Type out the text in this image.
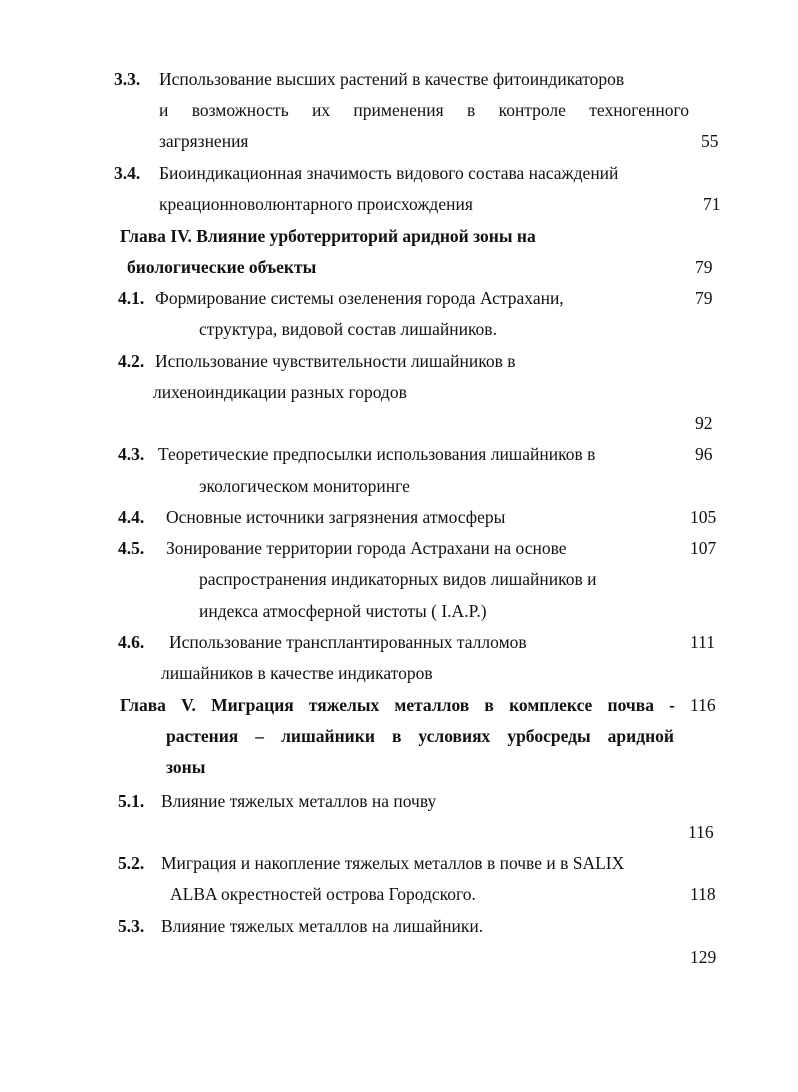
3.3. Использование высших растений в качестве фитоиндикаторов
и возможность их применения в контроле техногенного
загрязнения	55
3.4. Биоиндикационная значимость видового состава насаждений
креационноволюнтарного происхождения	71
Глава IV. Влияние урботерриторий аридной зоны на
биологические объекты	79
4.1. Формирование системы озеленения города Астрахани,	79
структура, видовой состав лишайников.
4.2. Использование чувствительности лишайников в
лихеноиндикации разных городов
92
4.3. Теоретические предпосылки использования лишайников в	96
экологическом мониторинге
4.4. Основные источники загрязнения атмосферы	105
4.5. Зонирование территории города Астрахани на основе	107
распространения индикаторных видов лишайников и
индекса атмосферной чистоты ( I.A.P.)
4.6. Использование трансплантированных талломов	111
лишайников в качестве индикаторов
Глава V. Миграция тяжелых металлов в комплексе почва - 116
растения – лишайники в условиях урбосреды аридной
зоны
5.1. Влияние тяжелых металлов на почву
116
5.2. Миграция и накопление тяжелых металлов в почве и в SALIX
ALBA окрестностей острова Городского.	118
5.3. Влияние тяжелых металлов на лишайники.
129
